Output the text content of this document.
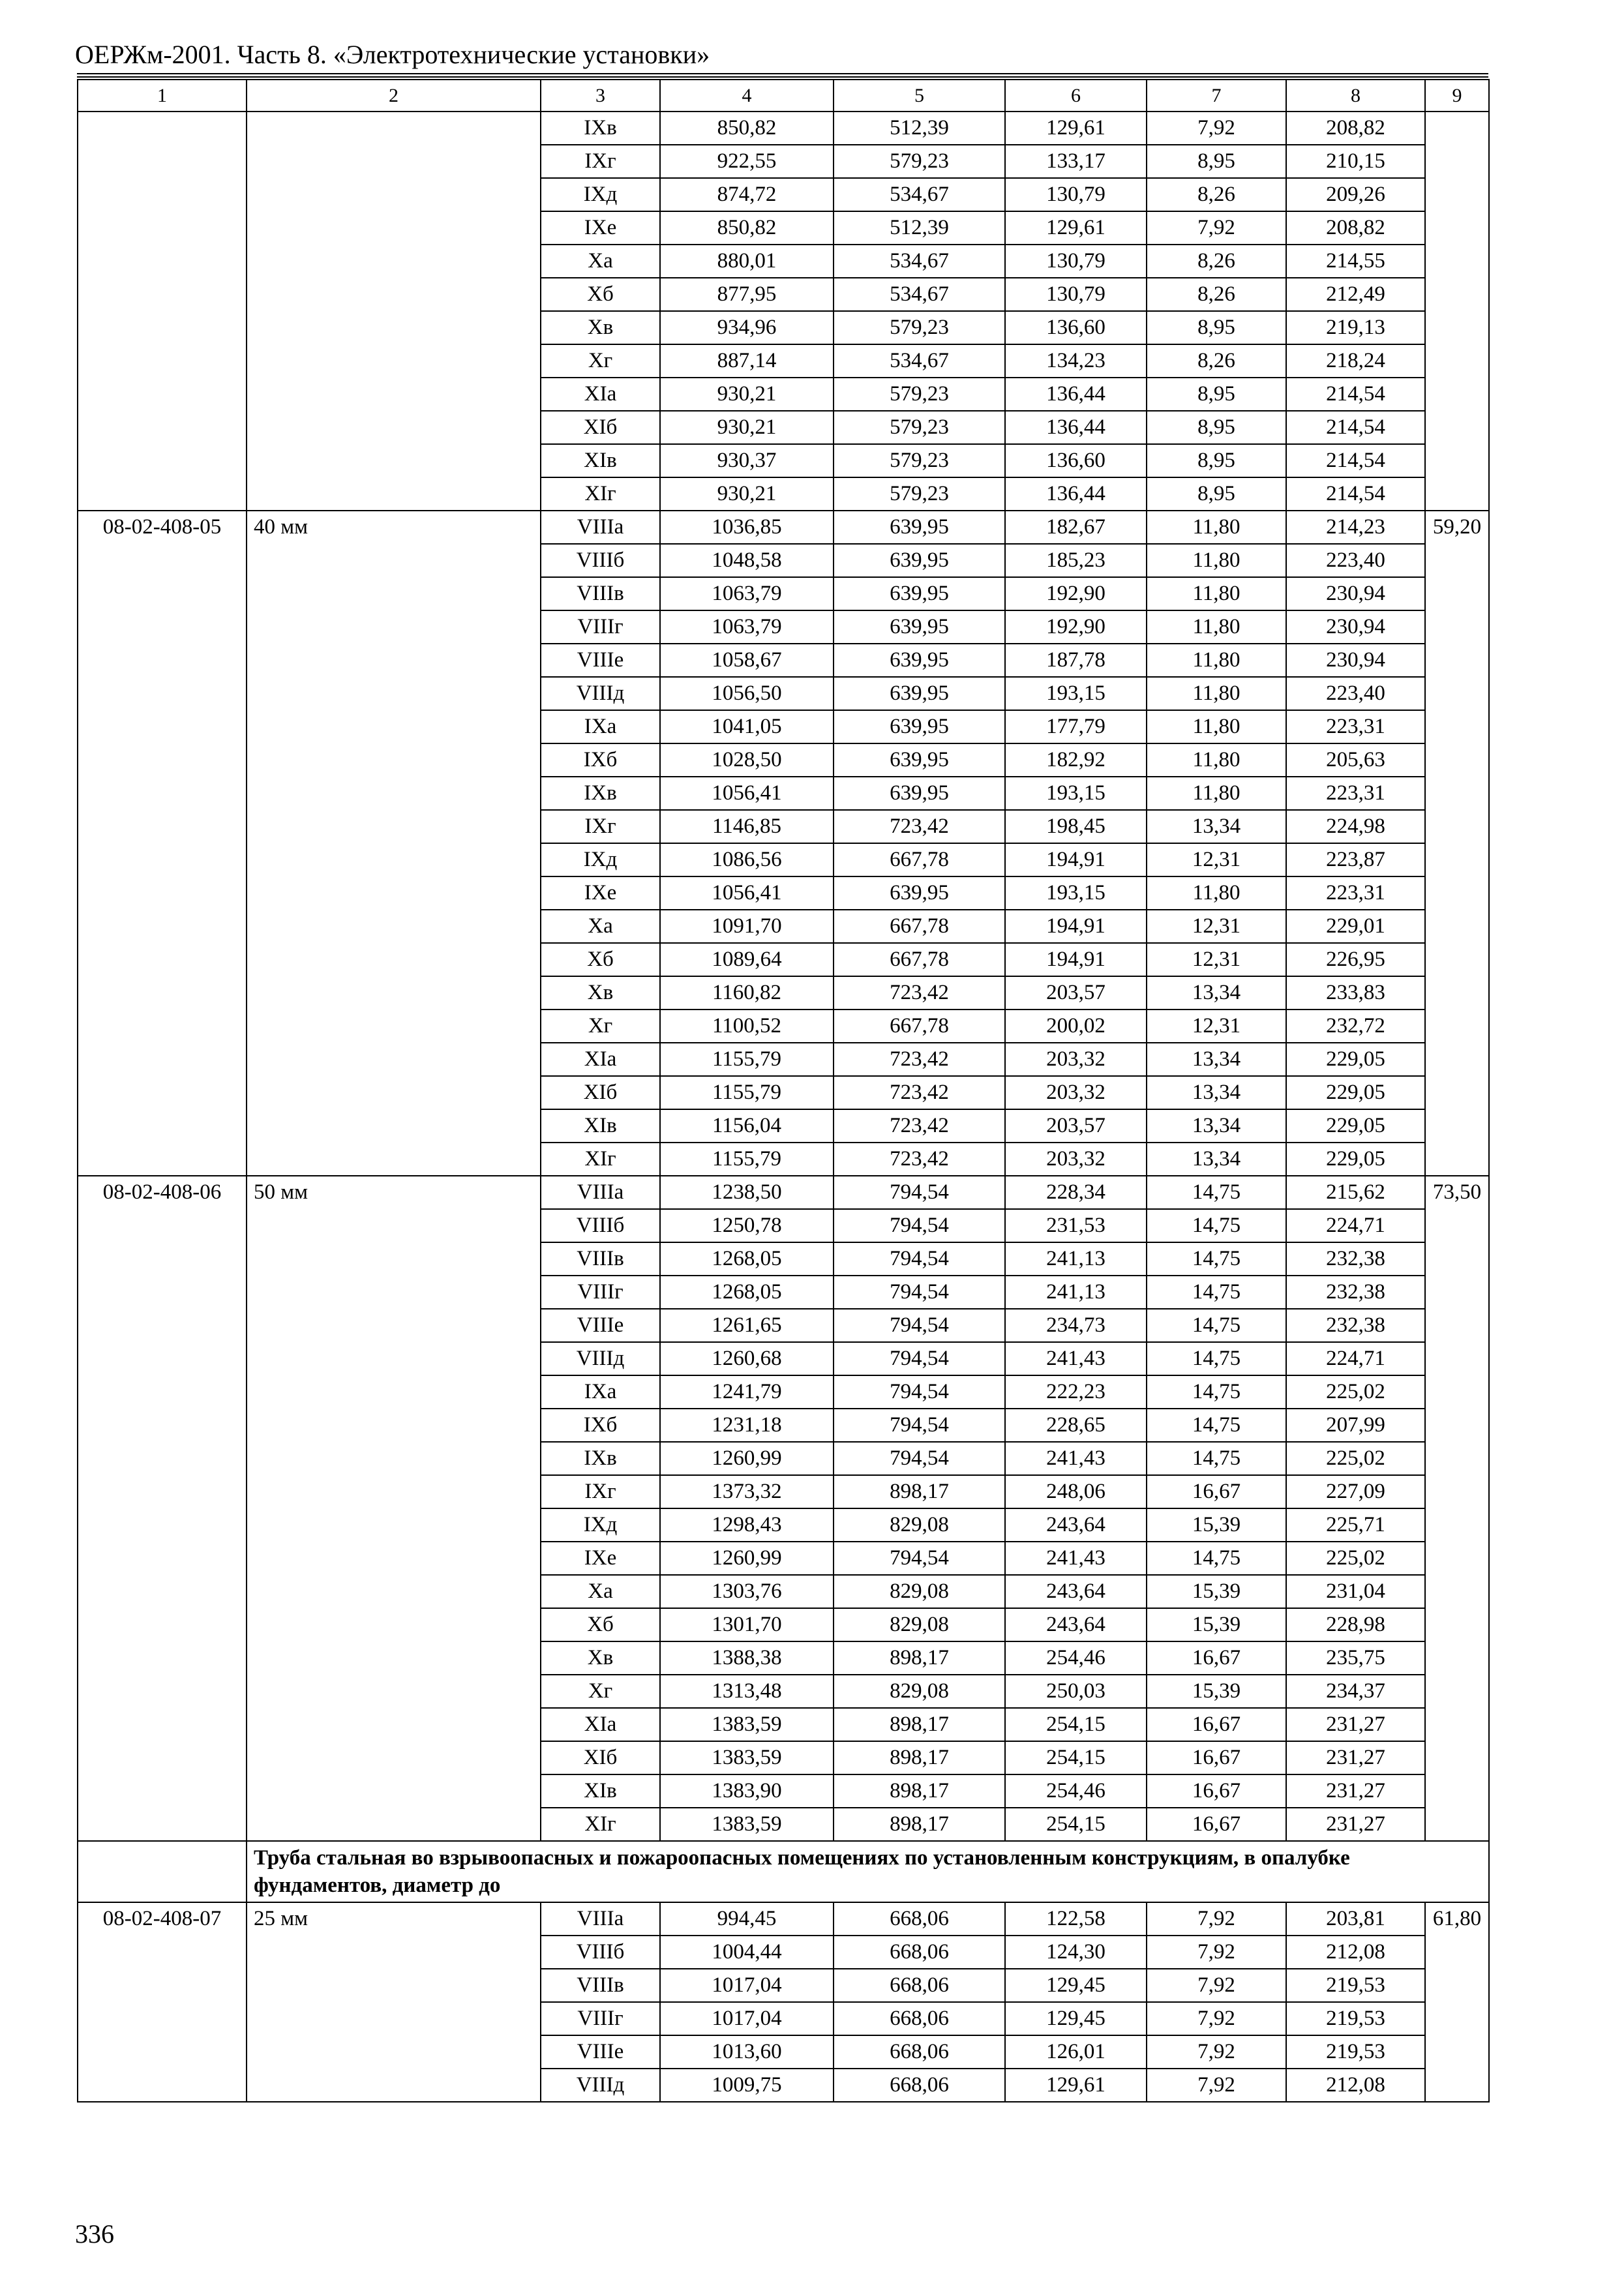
ОЕРЖм-2001. Часть 8. «Электротехнические установки»
1	2	3	4	5	6	7	8	9
		IXв	850,82	512,39	129,61	7,92	208,82	
		IXг	922,55	579,23	133,17	8,95	210,15	
		IXд	874,72	534,67	130,79	8,26	209,26	
		IXе	850,82	512,39	129,61	7,92	208,82	
		Xа	880,01	534,67	130,79	8,26	214,55	
		Xб	877,95	534,67	130,79	8,26	212,49	
		Xв	934,96	579,23	136,60	8,95	219,13	
		Xг	887,14	534,67	134,23	8,26	218,24	
		XIа	930,21	579,23	136,44	8,95	214,54	
		XIб	930,21	579,23	136,44	8,95	214,54	
		XIв	930,37	579,23	136,60	8,95	214,54	
		XIг	930,21	579,23	136,44	8,95	214,54	
08-02-408-05	40 мм	VIIIа	1036,85	639,95	182,67	11,80	214,23	59,20
		VIIIб	1048,58	639,95	185,23	11,80	223,40	
		VIIIв	1063,79	639,95	192,90	11,80	230,94	
		VIIIг	1063,79	639,95	192,90	11,80	230,94	
		VIIIе	1058,67	639,95	187,78	11,80	230,94	
		VIIIд	1056,50	639,95	193,15	11,80	223,40	
		IXа	1041,05	639,95	177,79	11,80	223,31	
		IXб	1028,50	639,95	182,92	11,80	205,63	
		IXв	1056,41	639,95	193,15	11,80	223,31	
		IXг	1146,85	723,42	198,45	13,34	224,98	
		IXд	1086,56	667,78	194,91	12,31	223,87	
		IXе	1056,41	639,95	193,15	11,80	223,31	
		Xа	1091,70	667,78	194,91	12,31	229,01	
		Xб	1089,64	667,78	194,91	12,31	226,95	
		Xв	1160,82	723,42	203,57	13,34	233,83	
		Xг	1100,52	667,78	200,02	12,31	232,72	
		XIа	1155,79	723,42	203,32	13,34	229,05	
		XIб	1155,79	723,42	203,32	13,34	229,05	
		XIв	1156,04	723,42	203,57	13,34	229,05	
		XIг	1155,79	723,42	203,32	13,34	229,05	
08-02-408-06	50 мм	VIIIа	1238,50	794,54	228,34	14,75	215,62	73,50
		VIIIб	1250,78	794,54	231,53	14,75	224,71	
		VIIIв	1268,05	794,54	241,13	14,75	232,38	
		VIIIг	1268,05	794,54	241,13	14,75	232,38	
		VIIIе	1261,65	794,54	234,73	14,75	232,38	
		VIIIд	1260,68	794,54	241,43	14,75	224,71	
		IXа	1241,79	794,54	222,23	14,75	225,02	
		IXб	1231,18	794,54	228,65	14,75	207,99	
		IXв	1260,99	794,54	241,43	14,75	225,02	
		IXг	1373,32	898,17	248,06	16,67	227,09	
		IXд	1298,43	829,08	243,64	15,39	225,71	
		IXе	1260,99	794,54	241,43	14,75	225,02	
		Xа	1303,76	829,08	243,64	15,39	231,04	
		Xб	1301,70	829,08	243,64	15,39	228,98	
		Xв	1388,38	898,17	254,46	16,67	235,75	
		Xг	1313,48	829,08	250,03	15,39	234,37	
		XIа	1383,59	898,17	254,15	16,67	231,27	
		XIб	1383,59	898,17	254,15	16,67	231,27	
		XIв	1383,90	898,17	254,46	16,67	231,27	
		XIг	1383,59	898,17	254,15	16,67	231,27	
	Труба стальная во взрывоопасных и пожароопасных помещениях по установленным конструкциям, в опалубке фундаментов, диаметр до							
08-02-408-07	25 мм	VIIIа	994,45	668,06	122,58	7,92	203,81	61,80
		VIIIб	1004,44	668,06	124,30	7,92	212,08	
		VIIIв	1017,04	668,06	129,45	7,92	219,53	
		VIIIг	1017,04	668,06	129,45	7,92	219,53	
		VIIIе	1013,60	668,06	126,01	7,92	219,53	
		VIIIд	1009,75	668,06	129,61	7,92	212,08	
336
